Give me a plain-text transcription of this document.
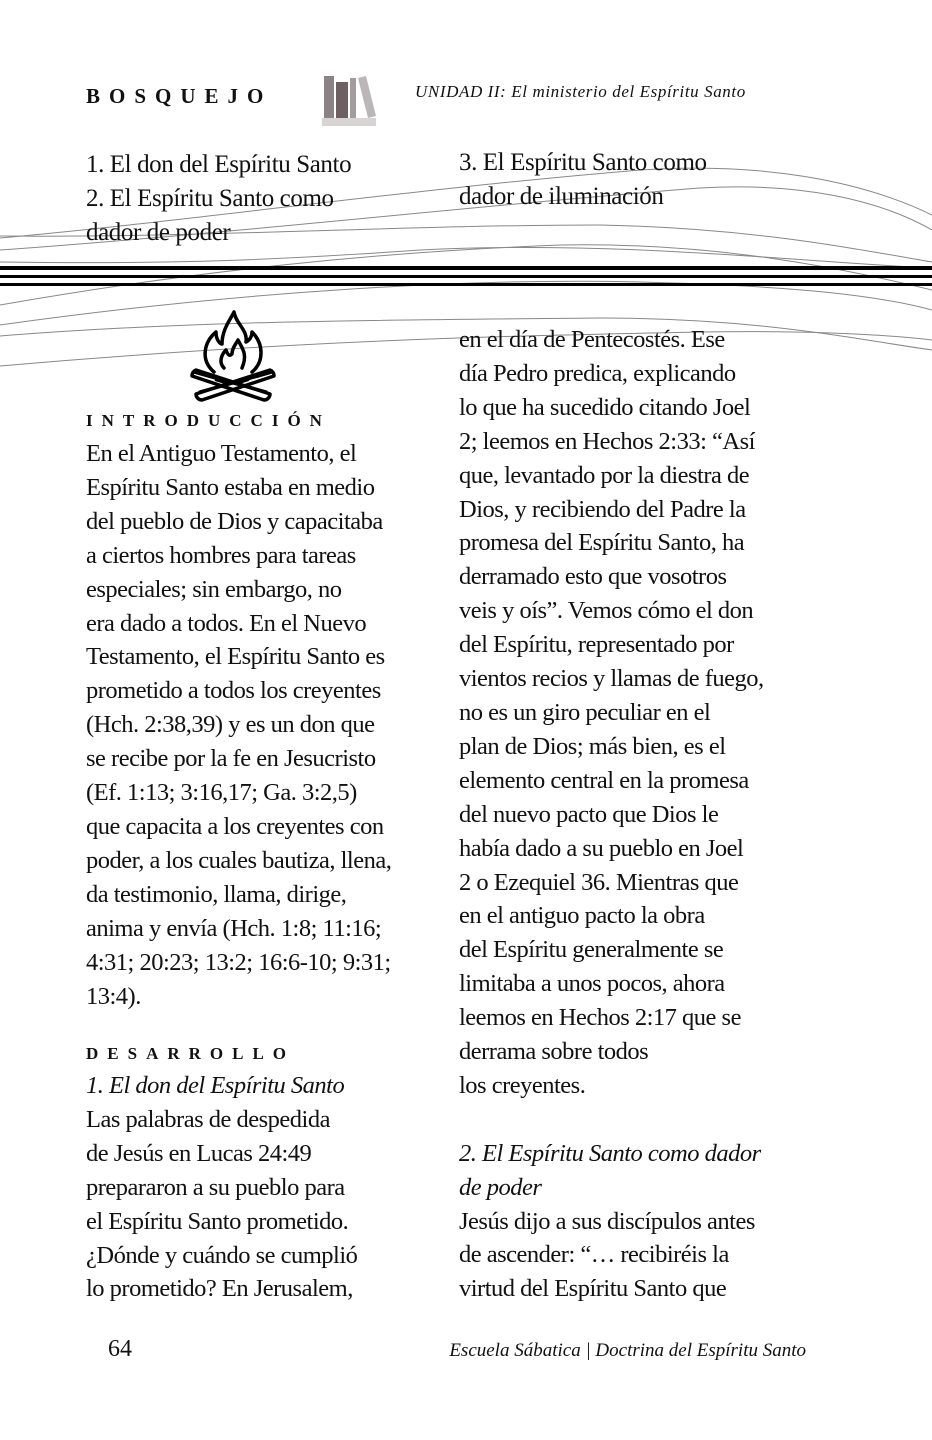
BOSQUEJO	UNIDAD II: El ministerio del Espíritu Santo
1. El don del Espíritu Santo
2. El Espíritu Santo como
dador de poder
3. El Espíritu Santo como
dador de iluminación
INTRODUCCIÓN
En el Antiguo Testamento, el
Espíritu Santo estaba en medio
del pueblo de Dios y capacitaba
a ciertos hombres para tareas
especiales; sin embargo, no
era dado a todos. En el Nuevo
Testamento, el Espíritu Santo es
prometido a todos los creyentes
(Hch. 2:38,39) y es un don que
se recibe por la fe en Jesucristo
(Ef. 1:13; 3:16,17; Ga. 3:2,5)
que capacita a los creyentes con
poder, a los cuales bautiza, llena,
da testimonio, llama, dirige,
anima y envía (Hch. 1:8; 11:16;
4:31; 20:23; 13:2; 16:6-10; 9:31;
13:4).
DESARROLLO
1. El don del Espíritu Santo
Las palabras de despedida
de Jesús en Lucas 24:49
prepararon a su pueblo para
el Espíritu Santo prometido.
¿Dónde y cuándo se cumplió
lo prometido? En Jerusalem,
en el día de Pentecostés. Ese
día Pedro predica, explicando
lo que ha sucedido citando Joel
2; leemos en Hechos 2:33: “Así
que, levantado por la diestra de
Dios, y recibiendo del Padre la
promesa del Espíritu Santo, ha
derramado esto que vosotros
veis y oís”. Vemos cómo el don
del Espíritu, representado por
vientos recios y llamas de fuego,
no es un giro peculiar en el
plan de Dios; más bien, es el
elemento central en la promesa
del nuevo pacto que Dios le
había dado a su pueblo en Joel
2 o Ezequiel 36. Mientras que
en el antiguo pacto la obra
del Espíritu generalmente se
limitaba a unos pocos, ahora
leemos en Hechos 2:17 que se
derrama sobre todos
los creyentes.

2. El Espíritu Santo como dador
de poder
Jesús dijo a sus discípulos antes
de ascender: “… recibiréis la
virtud del Espíritu Santo que
64	Escuela Sábatica | Doctrina del Espíritu Santo
